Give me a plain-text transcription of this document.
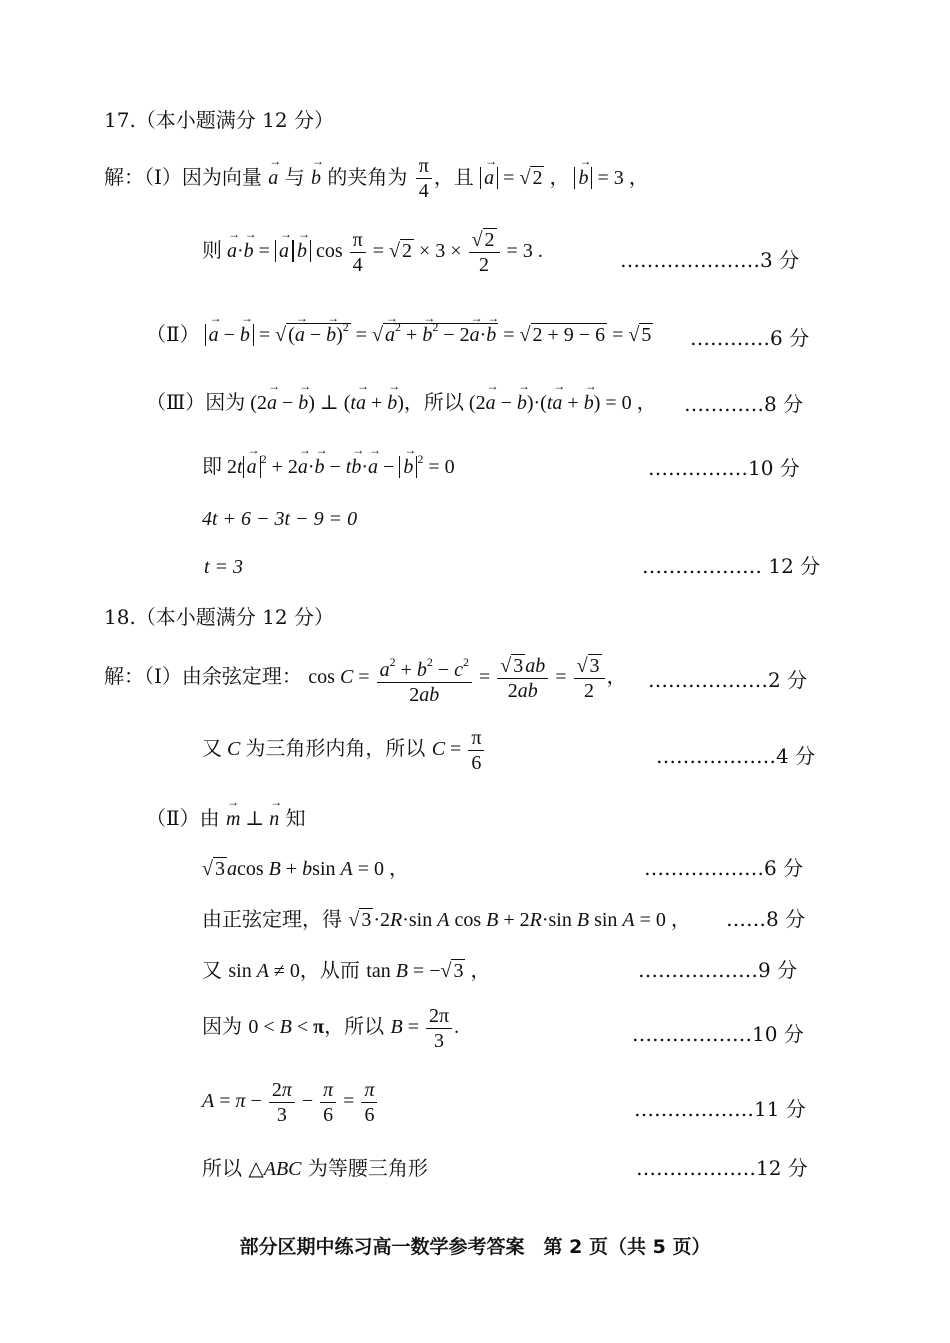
17.（本小题满分 12 分）
解：（Ⅰ）因为向量 → a 与 → b 的夹角为 $\frac{\pi}{4}$ ，且 → a = √ 2 ， → b = 3 ，
则 → a·→ b = → a → b $\cos \frac{\pi}{4}$ = √ $2 \times 3 \times \frac{√ 2}{2} = 3$ .	…………………3 分
（Ⅱ） → a − → b = √ (→ a − → b)$^2$ = √ → $a^2$ + → $b^2 - 2\to a\cdot\to b$ = √ 2 + 9 − 6 = √ 5 …………6 分
（Ⅲ）因为 (2→ a − → b) ⊥ (t→ a + → b)，所以 (2→ a − → b)·(t→ a + → b) = 0 ， …………8 分
即 2t → a $^2$ + 2→ a·→ b − t→ b·→ a − → b $^2$ = 0	……………10 分
4t + 6 − 3t − 9 = 0
t = 3	……………… 12 分
18.（本小题满分 12 分）
解：（Ⅰ）由余弦定理： $\cos C = \frac{a^2 + b^2 - c^2}{2ab} = \frac{√ 3 ab}{2ab} = \frac{√ 3}{2}$ ， ………………2 分
又 C 为三角形内角，所以 $C = \frac{\pi}{6}$	………………4 分
（Ⅱ）由 → m ⊥ → n 知
√ 3 acos B + bsin A = 0 ，	………………6 分
由正弦定理，得 √ 3 ·2R·sin A cos B + 2R·sin B sin A = 0 ， ……8 分
又 sin A ≠ 0，从而 tan B = −√ 3 ，	………………9 分
因为 0 < B < π，所以 $B = \frac{2\pi}{3}$ .	………………10 分
$A = \pi - \frac{2\pi}{3} - \frac{\pi}{6} = \frac{\pi}{6}$	………………11 分
所以 △ABC 为等腰三角形	………………12 分
部分区期中练习高一数学参考答案　第 2 页（共 5 页）
